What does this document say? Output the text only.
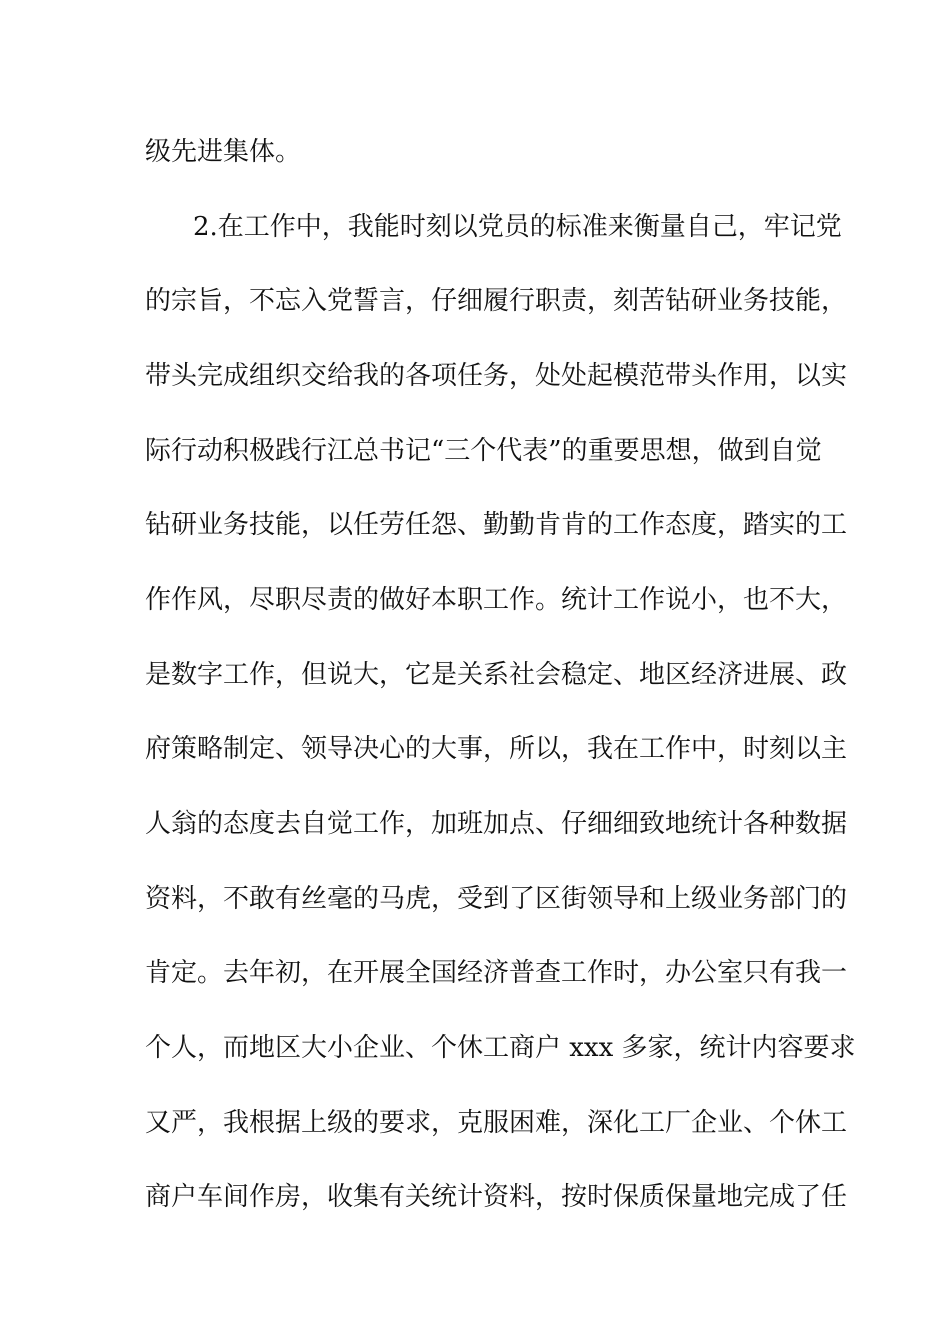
级先进集体。
2.在工作中，我能时刻以党员的标准来衡量自己，牢记党
的宗旨，不忘入党誓言，仔细履行职责，刻苦钻研业务技能，
带头完成组织交给我的各项任务，处处起模范带头作用，以实
际行动积极践行江总书记“三个代表”的重要思想，做到自觉
钻研业务技能，以任劳任怨、勤勤肯肯的工作态度，踏实的工
作作风，尽职尽责的做好本职工作。统计工作说小，也不大，
是数字工作，但说大，它是关系社会稳定、地区经济进展、政
府策略制定、领导决心的大事，所以，我在工作中，时刻以主
人翁的态度去自觉工作，加班加点、仔细细致地统计各种数据
资料，不敢有丝毫的马虎，受到了区街领导和上级业务部门的
肯定。去年初，在开展全国经济普查工作时，办公室只有我一
个人，而地区大小企业、个休工商户 xxx 多家，统计内容要求
又严，我根据上级的要求，克服困难，深化工厂企业、个休工
商户车间作房，收集有关统计资料，按时保质保量地完成了任
